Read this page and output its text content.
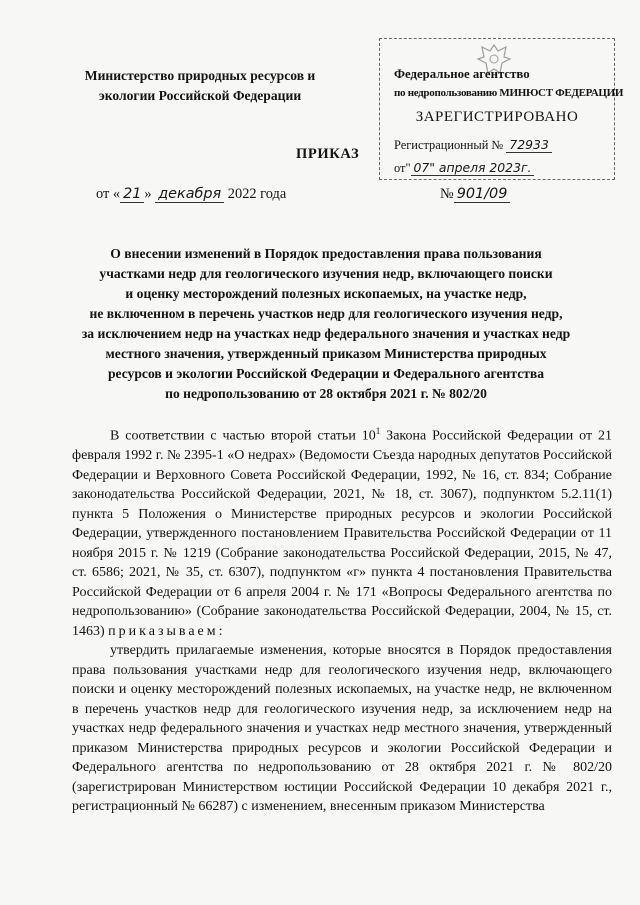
Министерство природных ресурсов и
экологии Российской Федерации
Федеральное агентство
по недропользованию МИНЮСТ ФЕДЕРАЦИИ
ЗАРЕГИСТРИРОВАНО
Регистрационный № 72933
от" 07" апреля 2023г.
ПРИКАЗ
от « 21 » декабря 2022 года	№ 901/09
О внесении изменений в Порядок предоставления права пользования
участками недр для геологического изучения недр, включающего поиски
и оценку месторождений полезных ископаемых, на участке недр,
не включенном в перечень участков недр для геологического изучения недр,
за исключением недр на участках недр федерального значения и участках недр
местного значения, утвержденный приказом Министерства природных
ресурсов и экологии Российской Федерации и Федерального агентства
по недропользованию от 28 октября 2021 г. № 802/20

В соответствии с частью второй статьи $10^1$ Закона Российской Федерации от 21 февраля 1992 г. № 2395-1 «О недрах» (Ведомости Съезда народных депутатов Российской Федерации и Верховного Совета Российской Федерации, 1992, № 16, ст. 834; Собрание законодательства Российской Федерации, 2021, № 18, ст. 3067), подпунктом 5.2.11(1) пункта 5 Положения о Министерстве природных ресурсов и экологии Российской Федерации, утвержденного постановлением Правительства Российской Федерации от 11 ноября 2015 г. № 1219 (Собрание законодательства Российской Федерации, 2015, № 47, ст. 6586; 2021, № 35, ст. 6307), подпунктом «г» пункта 4 постановления Правительства Российской Федерации от 6 апреля 2004 г. № 171 «Вопросы Федерального агентства по недропользованию» (Собрание законодательства Российской Федерации, 2004, № 15, ст. 1463) приказываем:

утвердить прилагаемые изменения, которые вносятся в Порядок предоставления права пользования участками недр для геологического изучения недр, включающего поиски и оценку месторождений полезных ископаемых, на участке недр, не включенном в перечень участков недр для геологического изучения недр, за исключением недр на участках недр федерального значения и участках недр местного значения, утвержденный приказом Министерства природных ресурсов и экологии Российской Федерации и Федерального агентства по недропользованию от 28 октября 2021 г. № 802/20 (зарегистрирован Министерством юстиции Российской Федерации 10 декабря 2021 г., регистрационный № 66287) с изменением, внесенным приказом Министерства
